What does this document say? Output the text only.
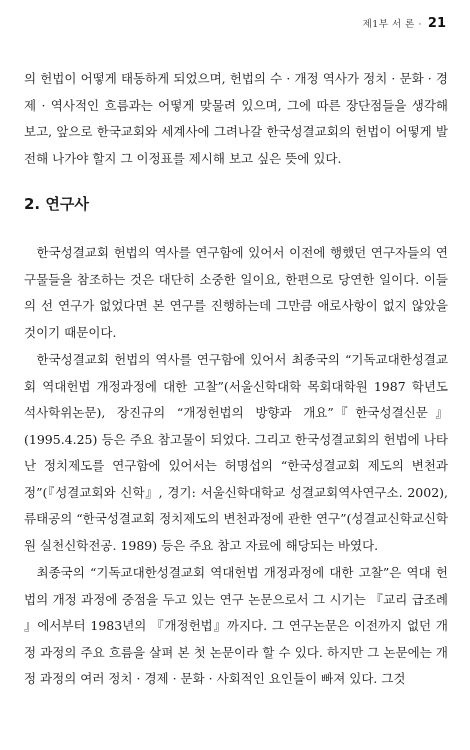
제1부 서 론 · 21

의 헌법이 어떻게 태동하게 되었으며, 헌법의 수 · 개정 역사가 정치 · 문화 · 경제 · 역사적인 흐름과는 어떻게 맞물려 있으며, 그에 따른 장단점들을 생각해 보고, 앞으로 한국교회와 세계사에 그려나갈 한국성결교회의 헌법이 어떻게 발전해 나가야 할지 그 이정표를 제시해 보고 싶은 뜻에 있다.

2. 연구사

한국성결교회 헌법의 역사를 연구함에 있어서 이전에 행했던 연구자들의 연구물들을 참조하는 것은 대단히 소중한 일이요, 한편으로 당연한 일이다. 이들의 선 연구가 없었다면 본 연구를 진행하는데 그만큼 애로사항이 없지 않았을 것이기 때문이다.

한국성결교회 헌법의 역사를 연구함에 있어서 최종국의 “기독교대한성결교회 역대헌법 개정과정에 대한 고찰”(서울신학대학 목회대학원 1987 학년도 석사학위논문), 장진규의 “개정헌법의 방향과 개요”『한국성결신문』(1995.4.25) 등은 주요 참고물이 되었다. 그리고 한국성결교회의 헌법에 나타난 정치제도를 연구함에 있어서는 허명섭의 “한국성결교회 제도의 변천과정”(『성결교회와 신학』, 경기: 서울신학대학교 성결교회역사연구소. 2002), 류태공의 “한국성결교회 정치제도의 변천과정에 관한 연구”(성결교신학교신학원 실천신학전공. 1989) 등은 주요 참고 자료에 해당되는 바였다.

최종국의 “기독교대한성결교회 역대헌법 개정과정에 대한 고찰”은 역대 헌법의 개정 과정에 중점을 두고 있는 연구 논문으로서 그 시기는 『교리 급조례 』에서부터 1983년의 『개정헌법』까지다. 그 연구논문은 이전까지 없던 개정 과정의 주요 흐름을 살펴 본 첫 논문이라 할 수 있다. 하지만 그 논문에는 개정 과정의 여러 정치 · 경제 · 문화 · 사회적인 요인들이 빠져 있다. 그것
